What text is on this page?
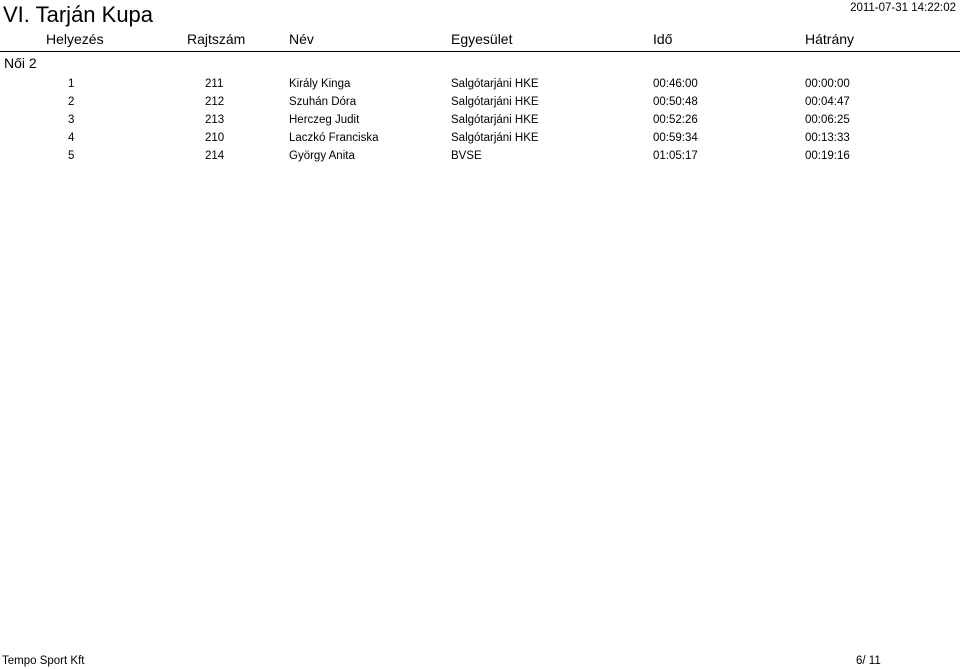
VI. Tarján Kupa	2011-07-31 14:22:02
Helyezés	Rajtszám	Név	Egyesület	Idő	Hátrány
Női 2
1	211	Király Kinga	Salgótarjáni HKE	00:46:00	00:00:00
2	212	Szuhán Dóra	Salgótarjáni HKE	00:50:48	00:04:47
3	213	Herczeg Judit	Salgótarjáni HKE	00:52:26	00:06:25
4	210	Laczkó Franciska	Salgótarjáni HKE	00:59:34	00:13:33
5	214	György Anita	BVSE	01:05:17	00:19:16
Tempo Sport Kft	6/ 11
